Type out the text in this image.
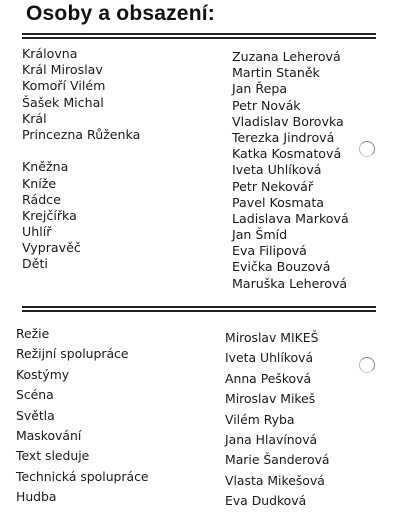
Osoby a obsazení:
Královna
Král Miroslav
Komoří Vilém
Šašek Michal
Král
Princezna Růženka
Kněžna
Kníže
Rádce
Krejčířka
Uhlíř
Vypravěč
Děti
Zuzana Leherová
Martin Staněk
Jan Řepa
Petr Novák
Vladislav Borovka
Terezka Jindrová
Katka Kosmatová
Iveta Uhlíková
Petr Nekovář
Pavel Kosmata
Ladislava Marková
Jan Šmíd
Eva Filipová
Evička Bouzová
Maruška Leherová
Režie
Režijní spolupráce
Kostýmy
Scéna
Světla
Maskování
Text sleduje
Technická spolupráce
Hudba
Miroslav MIKEŠ
Iveta Uhlíková
Anna Pešková
Miroslav Mikeš
Vilém Ryba
Jana Hlavínová
Marie Šanderová
Vlasta Mikešová
Eva Dudková
